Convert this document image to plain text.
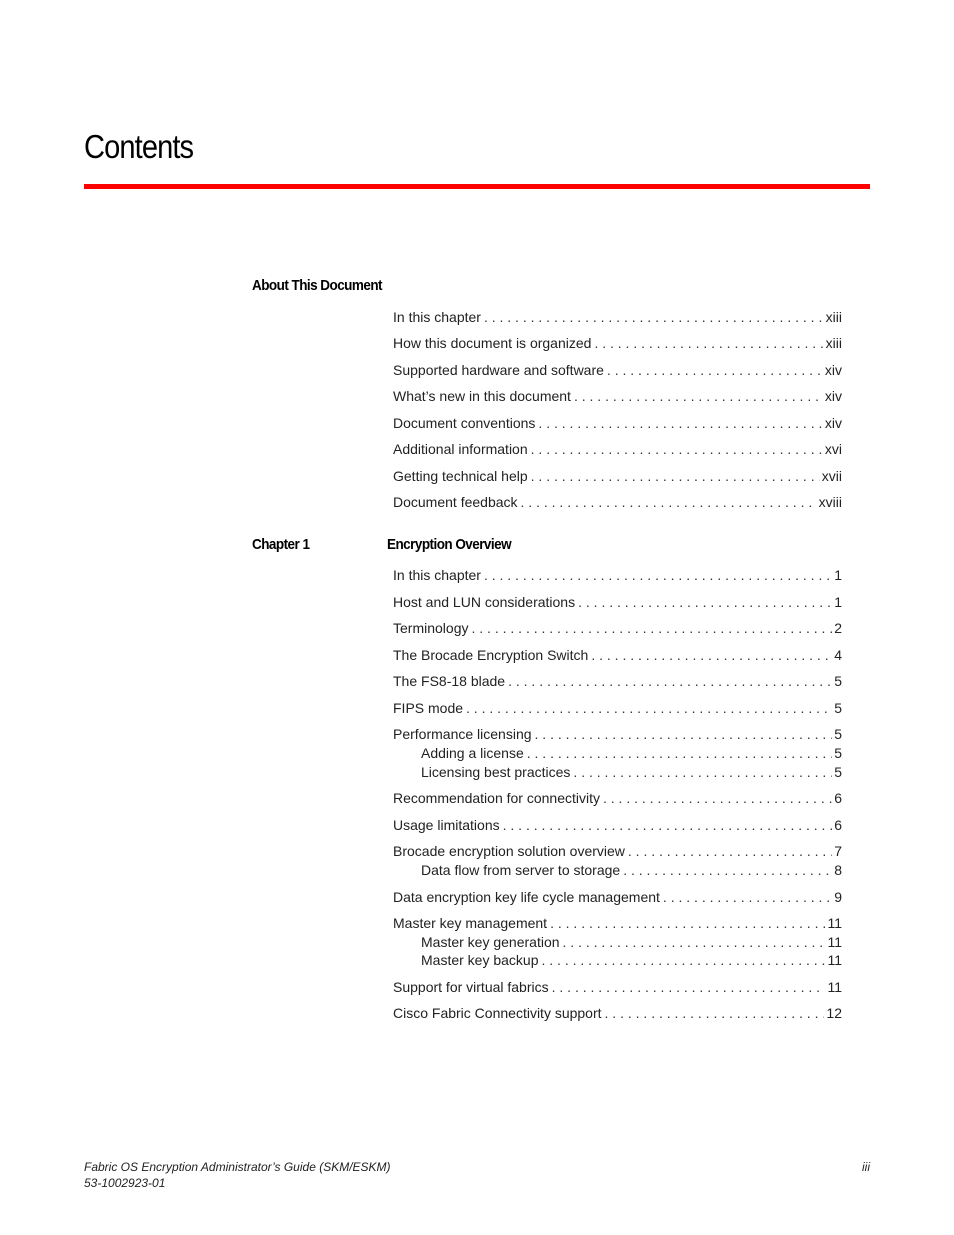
Contents
About This Document
In this chapter . . .	xiii
How this document is organized . . .	xiii
Supported hardware and software . . .	xiv
What’s new in this document . . .	xiv
Document conventions . . .	xiv
Additional information . . .	xvi
Getting technical help . . .	xvii
Document feedback . . .	xviii
Chapter 1	Encryption Overview
In this chapter . . .	1
Host and LUN considerations . . .	1
Terminology . . .	2
The Brocade Encryption Switch . . .	4
The FS8-18 blade . . .	5
FIPS mode . . .	5
Performance licensing . . .	5
Adding a license . . .	5
Licensing best practices . . .	5
Recommendation for connectivity . . .	6
Usage limitations . . .	6
Brocade encryption solution overview . . .	7
Data flow from server to storage . . .	8
Data encryption key life cycle management . . .	9
Master key management . . .	11
Master key generation . . .	11
Master key backup . . .	11
Support for virtual fabrics . . .	11
Cisco Fabric Connectivity support . . .	12
Fabric OS Encryption Administrator’s Guide (SKM/ESKM)
53-1002923-01
iii
